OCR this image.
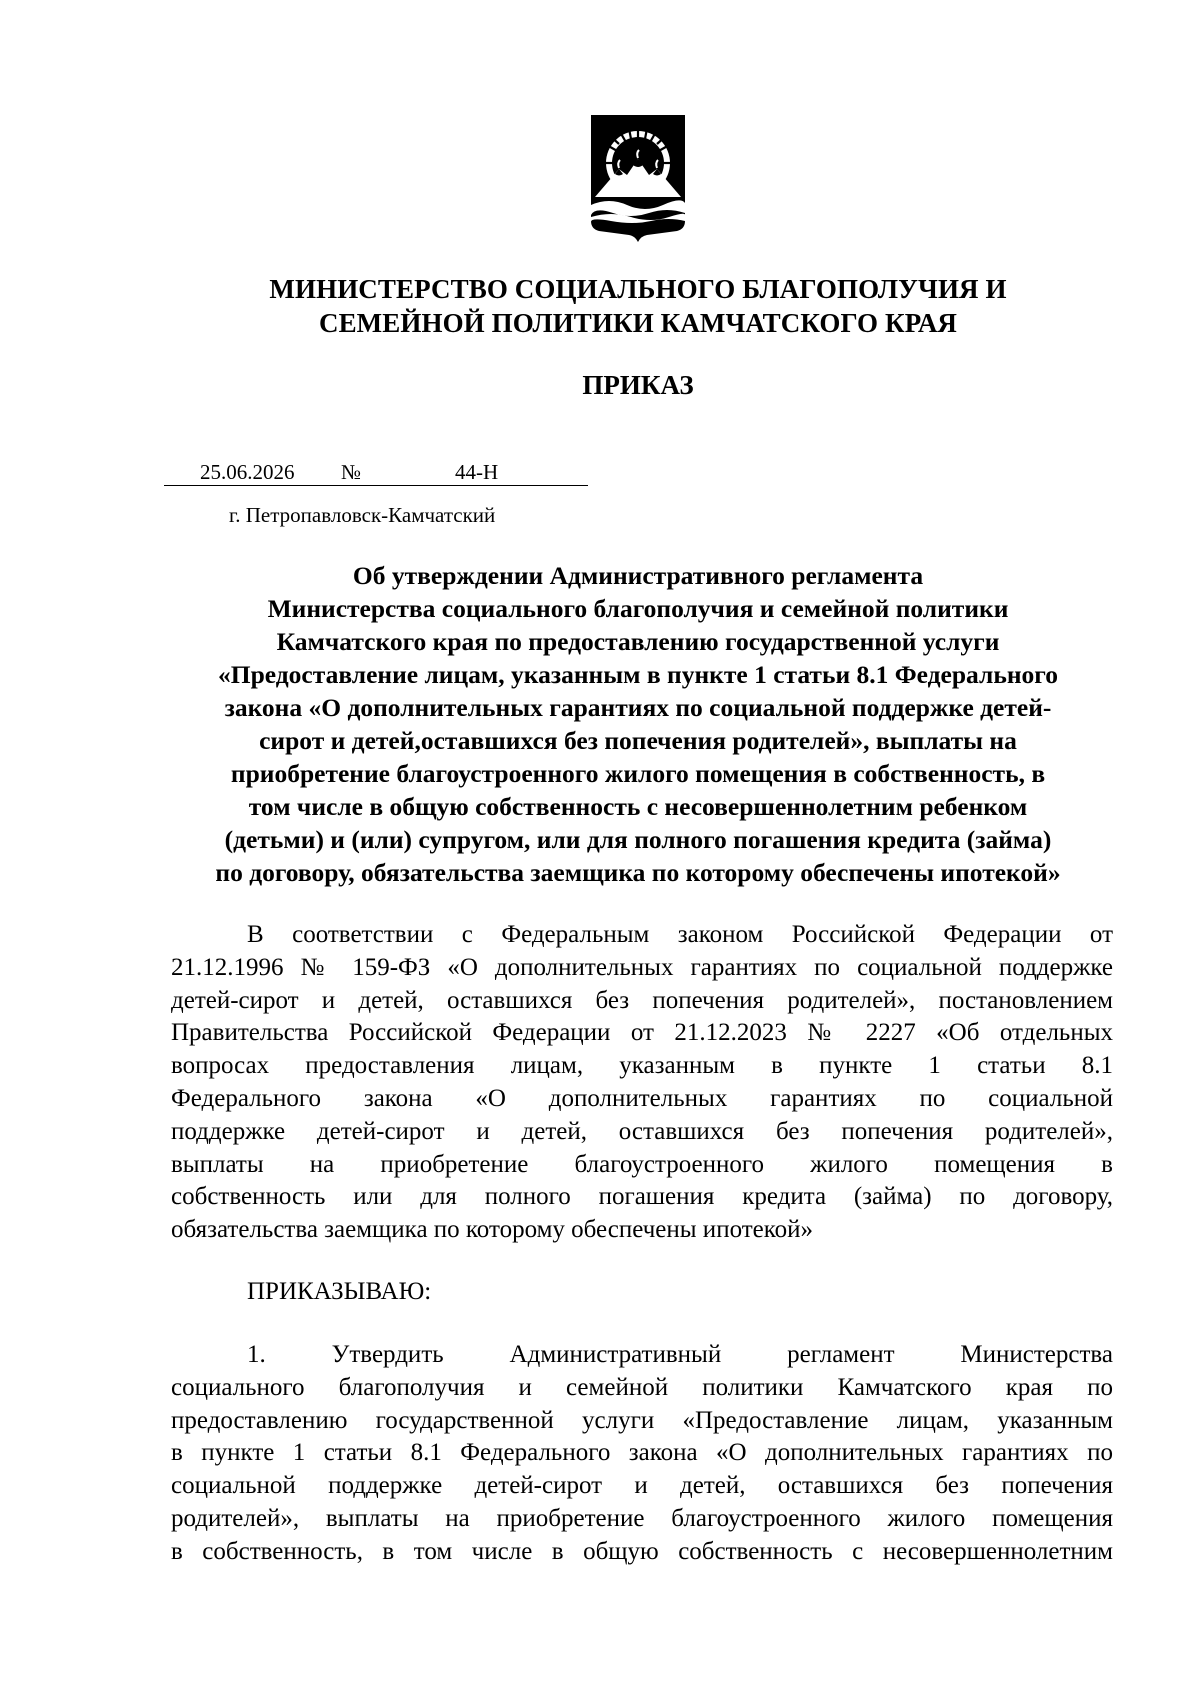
МИНИСТЕРСТВО СОЦИАЛЬНОГО БЛАГОПОЛУЧИЯ И
СЕМЕЙНОЙ ПОЛИТИКИ КАМЧАТСКОГО КРАЯ
ПРИКАЗ
25.06.2026 №	44-Н
г. Петропавловск-Камчатский
Об утверждении Административного регламента
Министерства социального благополучия и семейной политики
Камчатского края по предоставлению государственной услуги
«Предоставление лицам, указанным в пункте 1 статьи 8.1 Федерального
закона «О дополнительных гарантиях по социальной поддержке детей-
сирот и детей,оставшихся без попечения родителей», выплаты на
приобретение благоустроенного жилого помещения в собственность, в
том числе в общую собственность с несовершеннолетним ребенком
(детьми) и (или) супругом, или для полного погашения кредита (займа)
по договору, обязательства заемщика по которому обеспечены ипотекой»
В соответствии с Федеральным законом Российской Федерации от
21.12.1996 № 159-ФЗ «О дополнительных гарантиях по социальной поддержке
детей-сирот и детей, оставшихся без попечения родителей», постановлением
Правительства Российской Федерации от 21.12.2023 № 2227 «Об отдельных
вопросах предоставления лицам, указанным в пункте 1 статьи 8.1
Федерального закона «О дополнительных гарантиях по социальной
поддержке детей-сирот и детей, оставшихся без попечения родителей»,
выплаты на приобретение благоустроенного жилого помещения в
собственность или для полного погашения кредита (займа) по договору,
обязательства заемщика по которому обеспечены ипотекой»
ПРИКАЗЫВАЮ:
1. Утвердить Административный регламент Министерства
социального благополучия и семейной политики Камчатского края по
предоставлению государственной услуги «Предоставление лицам, указанным
в пункте 1 статьи 8.1 Федерального закона «О дополнительных гарантиях по
социальной поддержке детей-сирот и детей, оставшихся без попечения
родителей», выплаты на приобретение благоустроенного жилого помещения
в собственность, в том числе в общую собственность с несовершеннолетним
